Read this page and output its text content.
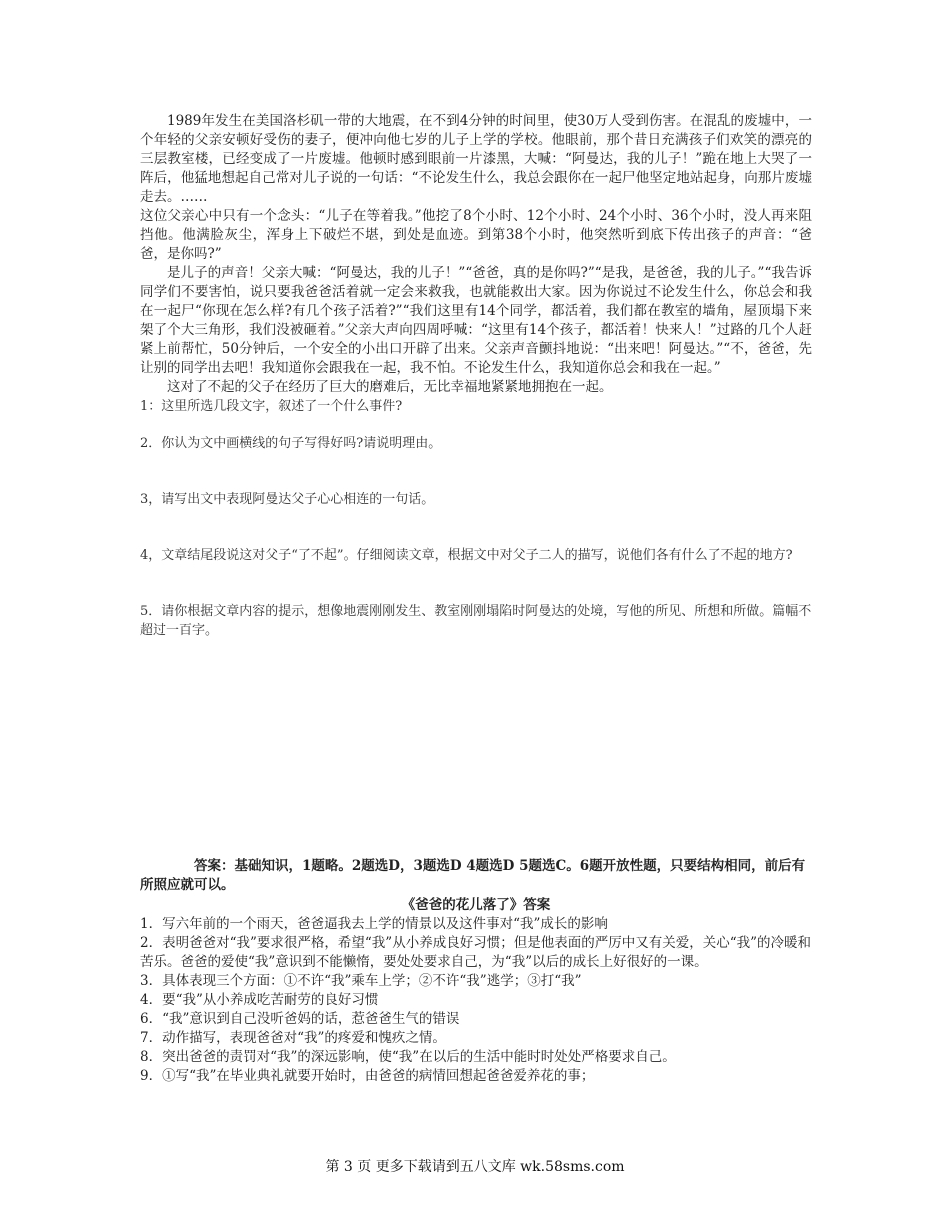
1989年发生在美国洛杉矶一带的大地震，在不到4分钟的时间里，使30万人受到伤害。在混乱的废墟中，一个年轻的父亲安顿好受伤的妻子，便冲向他七岁的儿子上学的学校。他眼前，那个昔日充满孩子们欢笑的漂亮的三层教室楼，已经变成了一片废墟。他顿时感到眼前一片漆黑，大喊：“阿曼达，我的儿子！”跪在地上大哭了一阵后，他猛地想起自己常对儿子说的一句话：“不论发生什么，我总会跟你在一起尸他坚定地站起身，向那片废墟走去。……

这位父亲心中只有一个念头：“儿子在等着我。”他挖了8个小时、12个小时、24个小时、36个小时，没人再来阻挡他。他满脸灰尘，浑身上下破烂不堪，到处是血迹。到第38个小时，他突然听到底下传出孩子的声音：“爸爸，是你吗?”

是儿子的声音！父亲大喊：“阿曼达，我的儿子！”“爸爸，真的是你吗?”“是我，是爸爸，我的儿子。”“我告诉同学们不要害怕，说只要我爸爸活着就一定会来救我，也就能救出大家。因为你说过不论发生什么，你总会和我在一起尸“你现在怎么样?有几个孩子活着?”“我们这里有14个同学，都活着，我们都在教室的墙角，屋顶塌下来架了个大三角形，我们没被砸着。”父亲大声向四周呼喊：“这里有14个孩子，都活着！快来人！”过路的几个人赶紧上前帮忙，50分钟后，一个安全的小出口开辟了出来。父亲声音颤抖地说：“出来吧！阿曼达。”“不，爸爸，先让别的同学出去吧！我知道你会跟我在一起，我不怕。不论发生什么，我知道你总会和我在一起。”

这对了不起的父子在经历了巨大的磨难后，无比幸福地紧紧地拥抱在一起。

1：这里所选几段文字，叙述了一个什么事件?

2．你认为文中画横线的句子写得好吗?请说明理由。

3，请写出文中表现阿曼达父子心心相连的一句话。

4，文章结尾段说这对父子“了不起”。仔细阅读文章，根据文中对父子二人的描写，说他们各有什么了不起的地方?

5．请你根据文章内容的提示，想像地震刚刚发生、教室刚刚塌陷时阿曼达的处境，写他的所见、所想和所做。篇幅不超过一百字。

答案：基础知识，1题略。2题选D，3题选D 4题选D 5题选C。6题开放性题，只要结构相同，前后有所照应就可以。

《爸爸的花儿落了》答案

1．写六年前的一个雨天，爸爸逼我去上学的情景以及这件事对“我”成长的影响

2．表明爸爸对“我”要求很严格，希望“我”从小养成良好习惯；但是他表面的严厉中又有关爱，关心“我”的冷暖和苦乐。爸爸的爱使“我”意识到不能懒惰，要处处要求自己，为“我”以后的成长上好很好的一课。

3．具体表现三个方面：①不许“我”乘车上学；②不许“我”逃学；③打“我”

4．要“我”从小养成吃苦耐劳的良好习惯

6．“我”意识到自己没听爸妈的话，惹爸爸生气的错误

7．动作描写，表现爸爸对“我”的疼爱和愧疚之情。

8．突出爸爸的责罚对“我”的深远影响，使“我”在以后的生活中能时时处处严格要求自己。

9．①写“我”在毕业典礼就要开始时，由爸爸的病情回想起爸爸爱养花的事；

第 3 页 更多下载请到五八文库 wk.58sms.com
